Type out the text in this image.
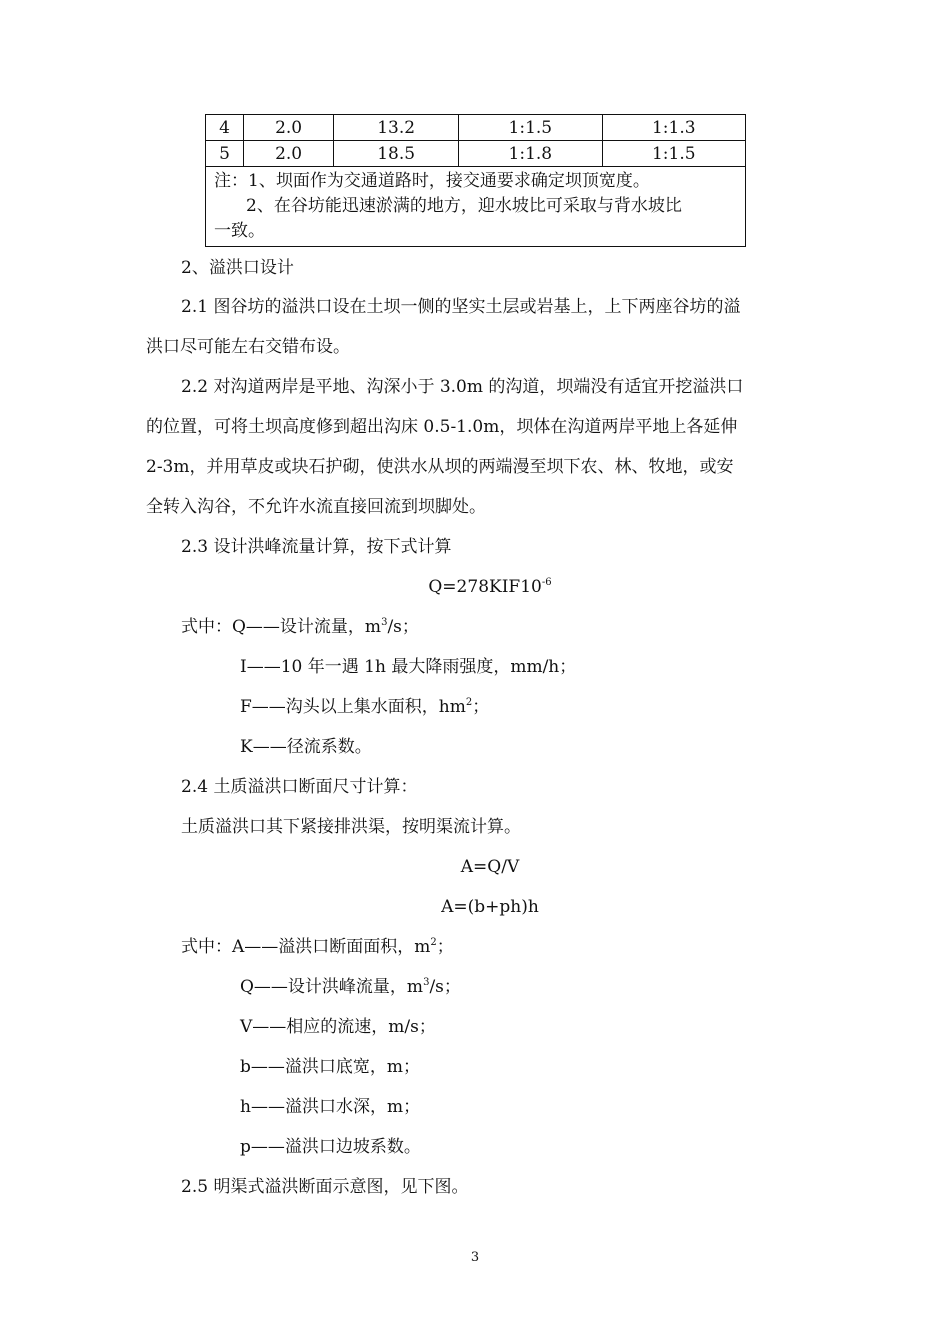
4	2.0	13.2	1:1.5	1:1.3
5	2.0	18.5	1:1.8	1:1.5

注：1、坝面作为交通道路时，接交通要求确定坝顶宽度。
2、在谷坊能迅速淤满的地方，迎水坡比可采取与背水坡比
一致。				
2、溢洪口设计
2.1 图谷坊的溢洪口设在土坝一侧的坚实土层或岩基上，上下两座谷坊的溢
洪口尽可能左右交错布设。
2.2 对沟道两岸是平地、沟深小于 3.0m 的沟道，坝端没有适宜开挖溢洪口
的位置，可将土坝高度修到超出沟床 0.5-1.0m，坝体在沟道两岸平地上各延伸
2-3m，并用草皮或块石护砌，使洪水从坝的两端漫至坝下农、林、牧地，或安
全转入沟谷，不允许水流直接回流到坝脚处。
2.3 设计洪峰流量计算，按下式计算
$Q=278KIF10^{-6}$
式中：Q——设计流量，$m^3/s$；
I——10 年一遇 1h 最大降雨强度，mm/h；
F——沟头以上集水面积，$hm^2$；
K——径流系数。
2.4 土质溢洪口断面尺寸计算：
土质溢洪口其下紧接排洪渠，按明渠流计算。
A=Q/V
A=(b+ph)h
式中：A——溢洪口断面面积，$m^2$；
Q——设计洪峰流量，$m^3/s$；
V——相应的流速，m/s；
b——溢洪口底宽，m；
h——溢洪口水深，m；
p——溢洪口边坡系数。
2.5 明渠式溢洪断面示意图，见下图。
3
